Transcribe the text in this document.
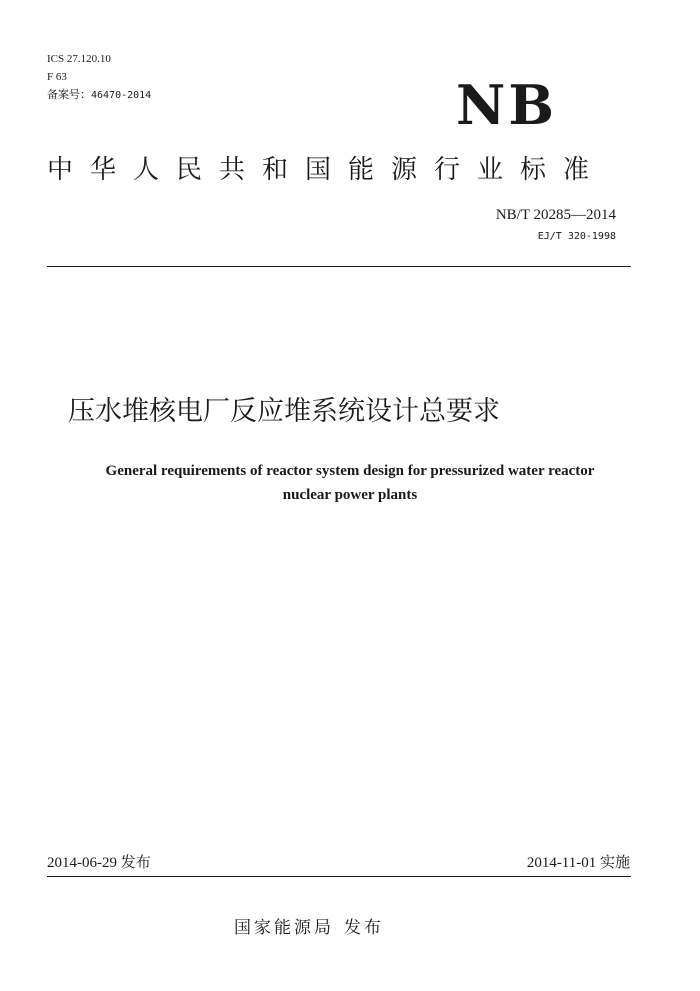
ICS 27.120.10
F 63
备案号：46470-2014	NB
中华人民共和国能源行业标准
NB/T 20285—2014
EJ/T 320-1998
压水堆核电厂反应堆系统设计总要求
General requirements of reactor system design for pressurized water reactor
nuclear power plants
2014-06-29 发布	2014-11-01 实施
国家能源局 发布
